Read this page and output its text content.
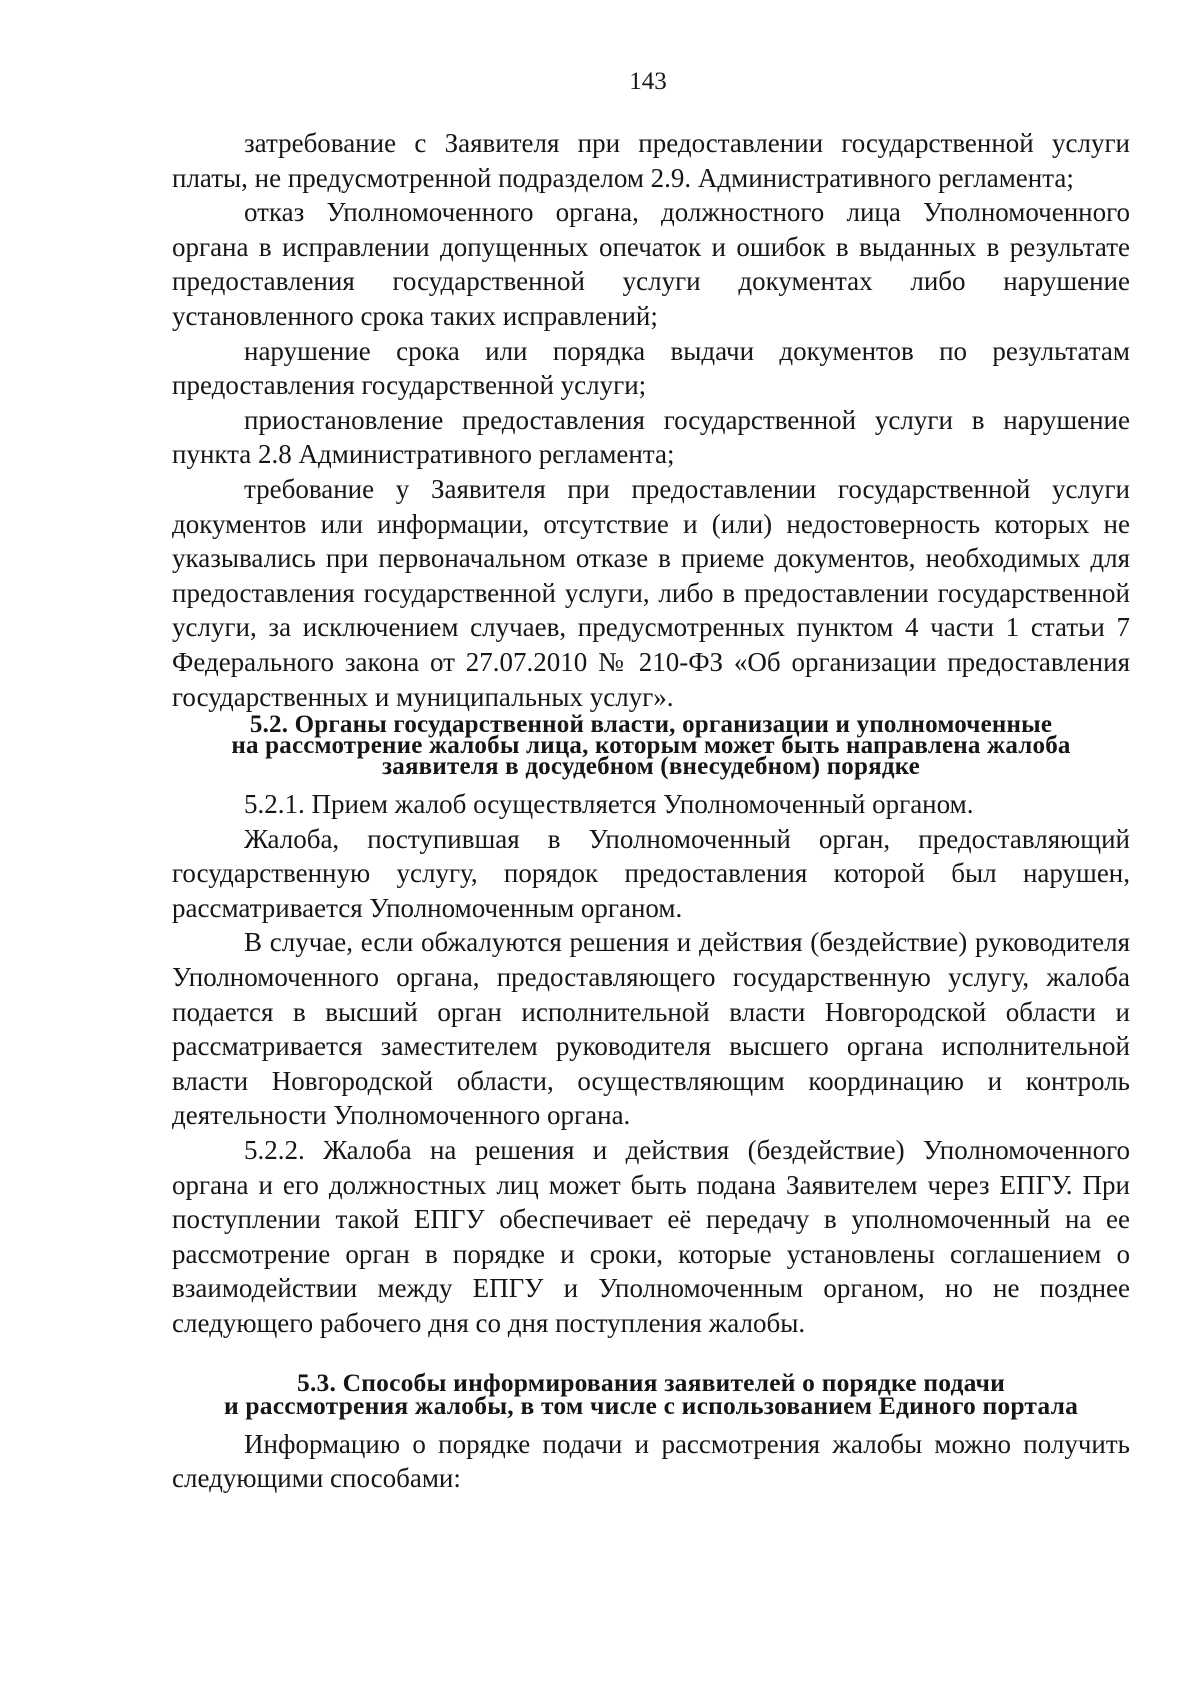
143

затребование с Заявителя при предоставлении государственной услуги платы, не предусмотренной подразделом 2.9. Административного регламента;

отказ Уполномоченного органа, должностного лица Уполномоченного органа в исправлении допущенных опечаток и ошибок в выданных в результате предоставления государственной услуги документах либо нарушение установленного срока таких исправлений;

нарушение срока или порядка выдачи документов по результатам предоставления государственной услуги;

приостановление предоставления государственной услуги в нарушение пункта 2.8 Административного регламента;

требование у Заявителя при предоставлении государственной услуги документов или информации, отсутствие и (или) недостоверность которых не указывались при первоначальном отказе в приеме документов, необходимых для предоставления государственной услуги, либо в предоставлении государственной услуги, за исключением случаев, предусмотренных пунктом 4 части 1 статьи 7 Федерального закона от 27.07.2010 № 210-ФЗ «Об организации предоставления государственных и муниципальных услуг».

5.2. Органы государственной власти, организации и уполномоченные
на рассмотрение жалобы лица, которым может быть направлена жалоба
заявителя в досудебном (внесудебном) порядке

5.2.1. Прием жалоб осуществляется Уполномоченный органом.

Жалоба, поступившая в Уполномоченный орган, предоставляющий государственную услугу, порядок предоставления которой был нарушен, рассматривается Уполномоченным органом.

В случае, если обжалуются решения и действия (бездействие) руководителя Уполномоченного органа, предоставляющего государственную услугу, жалоба подается в высший орган исполнительной власти Новгородской области и рассматривается заместителем руководителя высшего органа исполнительной власти Новгородской области, осуществляющим координацию и контроль деятельности Уполномоченного органа.

5.2.2. Жалоба на решения и действия (бездействие) Уполномоченного органа и его должностных лиц может быть подана Заявителем через ЕПГУ. При поступлении такой ЕПГУ обеспечивает её передачу в уполномоченный на ее рассмотрение орган в порядке и сроки, которые установлены соглашением о взаимодействии между ЕПГУ и Уполномоченным органом, но не позднее следующего рабочего дня со дня поступления жалобы.

5.3. Способы информирования заявителей о порядке подачи
и рассмотрения жалобы, в том числе с использованием Единого портала

Информацию о порядке подачи и рассмотрения жалобы можно получить следующими способами:
